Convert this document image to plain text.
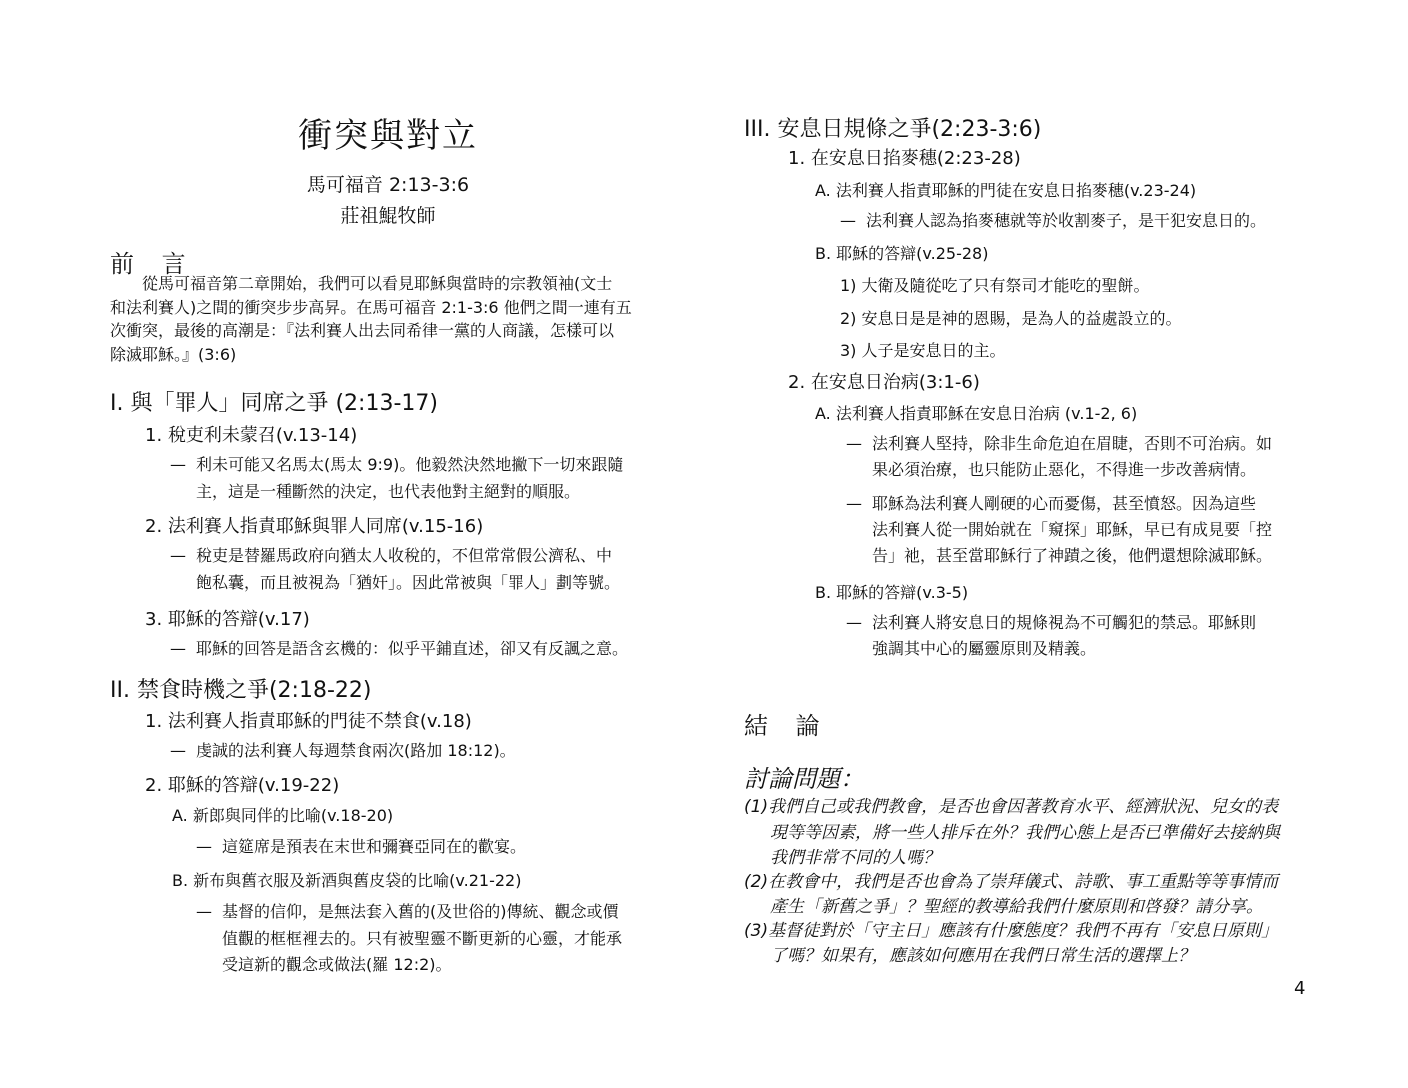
衝突與對立
馬可福音 2:13-3:6
莊祖鯤牧師
前 言
　　從馬可福音第二章開始，我們可以看見耶穌與當時的宗教領袖(文士
和法利賽人)之間的衝突步步高昇。在馬可福音 2:1-3:6 他們之間一連有五
次衝突，最後的高潮是：『法利賽人出去同希律一黨的人商議，怎樣可以
除滅耶穌。』(3:6)
I. 與「罪人」同席之爭 (2:13-17)
1. 稅吏利未蒙召(v.13-14)
— 利未可能又名馬太(馬太 9:9)。他毅然決然地撇下一切來跟隨
主，這是一種斷然的決定，也代表他對主絕對的順服。
2. 法利賽人指責耶穌與罪人同席(v.15-16)
— 稅吏是替羅馬政府向猶太人收稅的，不但常常假公濟私、中
飽私囊，而且被視為「猶奸」。因此常被與「罪人」劃等號。
3. 耶穌的答辯(v.17)
— 耶穌的回答是語含玄機的：似乎平鋪直述，卻又有反諷之意。
II. 禁食時機之爭(2:18-22)
1. 法利賽人指責耶穌的門徒不禁食(v.18)
— 虔誠的法利賽人每週禁食兩次(路加 18:12)。
2. 耶穌的答辯(v.19-22)
A. 新郎與同伴的比喻(v.18-20)
— 這筵席是預表在末世和彌賽亞同在的歡宴。
B. 新布與舊衣服及新酒與舊皮袋的比喻(v.21-22)
— 基督的信仰，是無法套入舊的(及世俗的)傳統、觀念或價
值觀的框框裡去的。只有被聖靈不斷更新的心靈，才能承
受這新的觀念或做法(羅 12:2)。
III. 安息日規條之爭(2:23-3:6)
1. 在安息日掐麥穗(2:23-28)
A. 法利賽人指責耶穌的門徒在安息日掐麥穗(v.23-24)
— 法利賽人認為掐麥穗就等於收割麥子，是干犯安息日的。
B. 耶穌的答辯(v.25-28)
1) 大衛及隨從吃了只有祭司才能吃的聖餅。
2) 安息日是是神的恩賜，是為人的益處設立的。
3) 人子是安息日的主。
2. 在安息日治病(3:1-6)
A. 法利賽人指責耶穌在安息日治病 (v.1-2, 6)
— 法利賽人堅持，除非生命危迫在眉睫，否則不可治病。如
果必須治療，也只能防止惡化，不得進一步改善病情。
— 耶穌為法利賽人剛硬的心而憂傷，甚至憤怒。因為這些
法利賽人從一開始就在「窺探」耶穌，早已有成見要「控
告」祂，甚至當耶穌行了神蹟之後，他們還想除滅耶穌。
B. 耶穌的答辯(v.3-5)
— 法利賽人將安息日的規條視為不可觸犯的禁忌。耶穌則
強調其中心的屬靈原則及精義。
結 論
討論問題：
(1)我們自己或我們教會，是否也會因著教育水平、經濟狀況、兒女的表
現等等因素，將一些人排斥在外？我們心態上是否已準備好去接納與
我們非常不同的人嗎？
(2)在教會中，我們是否也會為了崇拜儀式、詩歌、事工重點等等事情而
產生「新舊之爭」？聖經的教導給我們什麼原則和啓發？請分享。
(3)基督徒對於「守主日」應該有什麼態度？我們不再有「安息日原則」
了嗎？如果有，應該如何應用在我們日常生活的選擇上？
4
